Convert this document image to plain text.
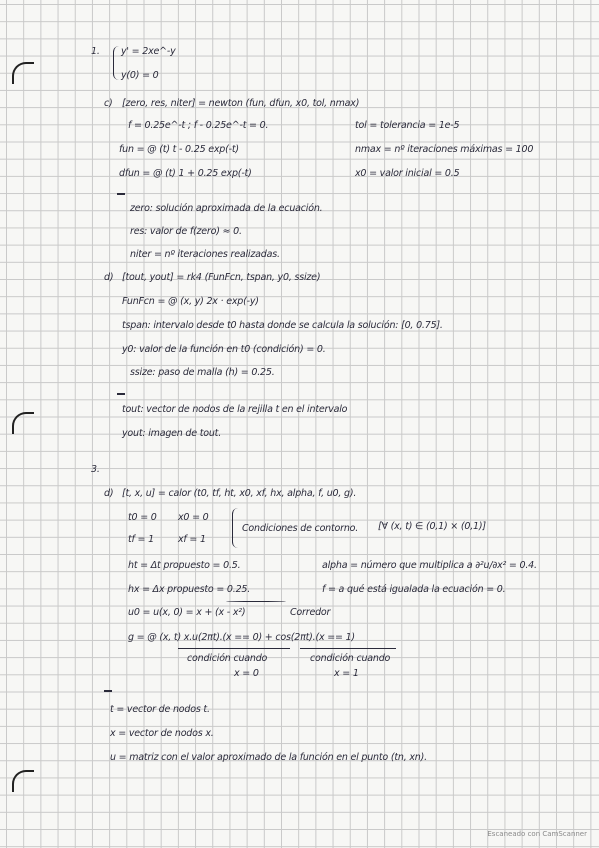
1. y' = 2xe^-y
y(0) = 0
c) [zero, res, niter] = newton (fun, dfun, x0, tol, nmax)
f = 0.25e^-t ; f - 0.25e^-t = 0.	tol = tolerancia = 1e-5
fun = @ (t) t - 0.25 exp(-t)	nmax = nº iteraciones máximas = 100
dfun = @ (t) 1 + 0.25 exp(-t)	x0 = valor inicial = 0.5
zero: solución aproximada de la ecuación.
res: valor de f(zero) ≈ 0.
niter = nº iteraciones realizadas.
d) [tout, yout] = rk4 (FunFcn, tspan, y0, ssize)
FunFcn = @ (x, y) 2x · exp(-y)
tspan: intervalo desde t0 hasta donde se calcula la solución: [0, 0.75].
y0: valor de la función en t0 (condición) = 0.
ssize: paso de malla (h) = 0.25.
tout: vector de nodos de la rejilla t en el intervalo
yout: imagen de tout.
3.
d) [t, x, u] = calor (t0, tf, ht, x0, xf, hx, alpha, f, u0, g).
t0 = 0 x0 = 0
tf = 1	xf = 1
Condiciones de contorno. [∀ (x, t) ∈ (0,1) × (0,1)]
ht = Δt propuesto = 0.5.	alpha = número que multiplica a ∂²u/∂x² = 0.4.
hx = Δx propuesto = 0.25.	f = a qué está igualada la ecuación = 0.
u0 = u(x, 0) = x + (x - x²)	Corredor
g = @ (x, t) x.u(2πt).(x == 0) + cos(2πt).(x == 1)
condición cuando
x = 0
condición cuando
x = 1
t = vector de nodos t.
x = vector de nodos x.
u = matriz con el valor aproximado de la función en el punto (tn, xn).
Escaneado con CamScanner
